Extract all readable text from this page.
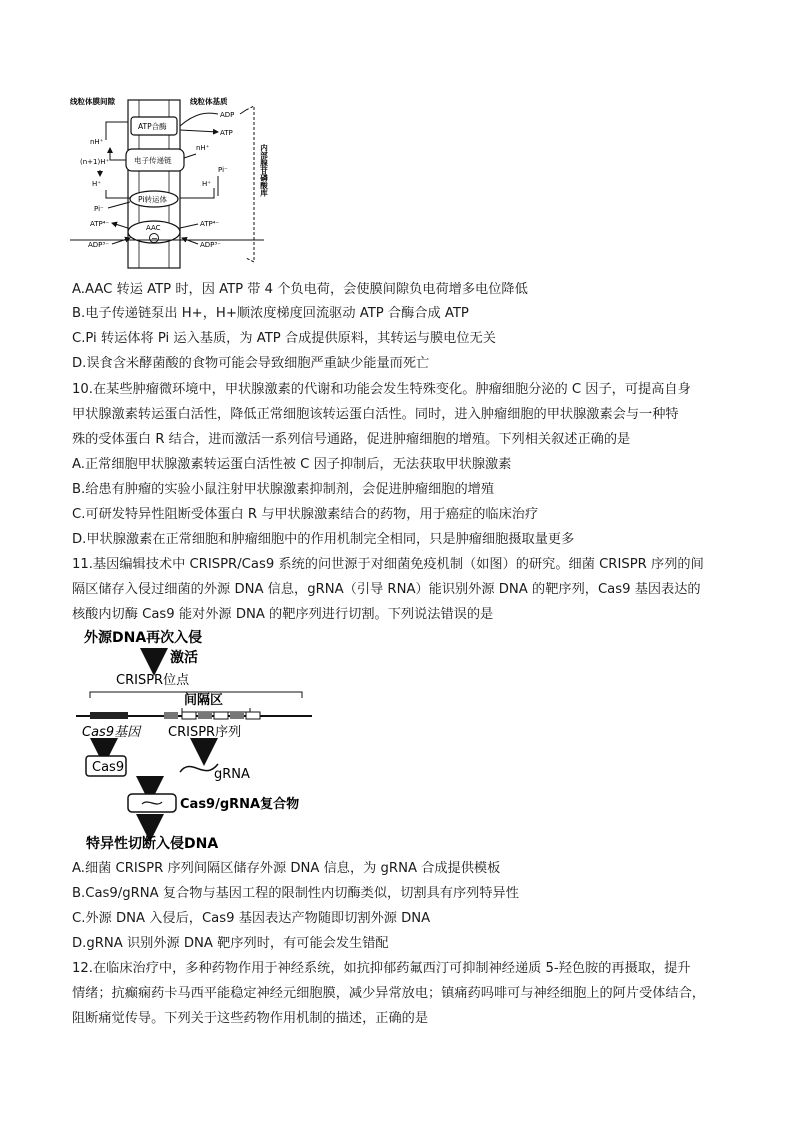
线粒体膜间隙	线粒体基质
ATP合酶
电子传递链
Pi转运体
AAC
−
nH⁺
(n+1)H⁺
H⁺
Pi⁻
ATP⁴⁻
ADP³⁻
ADP
ATP
nH⁺
Pi⁻
H⁺
ATP⁴⁻
ADP³⁻
内部腺苷磷酸库
A.AAC 转运 ATP 时，因 ATP 带 4 个负电荷，会使膜间隙负电荷增多电位降低
B.电子传递链泵出 H+，H+顺浓度梯度回流驱动 ATP 合酶合成 ATP
C.Pi 转运体将 Pi 运入基质，为 ATP 合成提供原料，其转运与膜电位无关
D.误食含米酵菌酸的食物可能会导致细胞严重缺少能量而死亡
10.在某些肿瘤微环境中，甲状腺激素的代谢和功能会发生特殊变化。肿瘤细胞分泌的 C 因子，可提高自身
甲状腺激素转运蛋白活性，降低正常细胞该转运蛋白活性。同时，进入肿瘤细胞的甲状腺激素会与一种特
殊的受体蛋白 R 结合，进而激活一系列信号通路，促进肿瘤细胞的增殖。下列相关叙述正确的是
A.正常细胞甲状腺激素转运蛋白活性被 C 因子抑制后，无法获取甲状腺激素
B.给患有肿瘤的实验小鼠注射甲状腺激素抑制剂，会促进肿瘤细胞的增殖
C.可研发特异性阻断受体蛋白 R 与甲状腺激素结合的药物，用于癌症的临床治疗
D.甲状腺激素在正常细胞和肿瘤细胞中的作用机制完全相同，只是肿瘤细胞摄取量更多
11.基因编辑技术中 CRISPR/Cas9 系统的问世源于对细菌免疫机制（如图）的研究。细菌 CRISPR 序列的间
隔区储存入侵过细菌的外源 DNA 信息，gRNA（引导 RNA）能识别外源 DNA 的靶序列，Cas9 基因表达的
核酸内切酶 Cas9 能对外源 DNA 的靶序列进行切割。下列说法错误的是
外源DNA再次入侵
激活
CRISPR位点
间隔区
Cas9基因 CRISPR序列
Cas9	gRNA
Cas9/gRNA复合物
特异性切断入侵DNA
A.细菌 CRISPR 序列间隔区储存外源 DNA 信息，为 gRNA 合成提供模板
B.Cas9/gRNA 复合物与基因工程的限制性内切酶类似，切割具有序列特异性
C.外源 DNA 入侵后，Cas9 基因表达产物随即切割外源 DNA
D.gRNA 识别外源 DNA 靶序列时，有可能会发生错配
12.在临床治疗中，多种药物作用于神经系统，如抗抑郁药氟西汀可抑制神经递质 5-羟色胺的再摄取，提升
情绪；抗癫痫药卡马西平能稳定神经元细胞膜，减少异常放电；镇痛药吗啡可与神经细胞上的阿片受体结合，
阻断痛觉传导。下列关于这些药物作用机制的描述，正确的是
